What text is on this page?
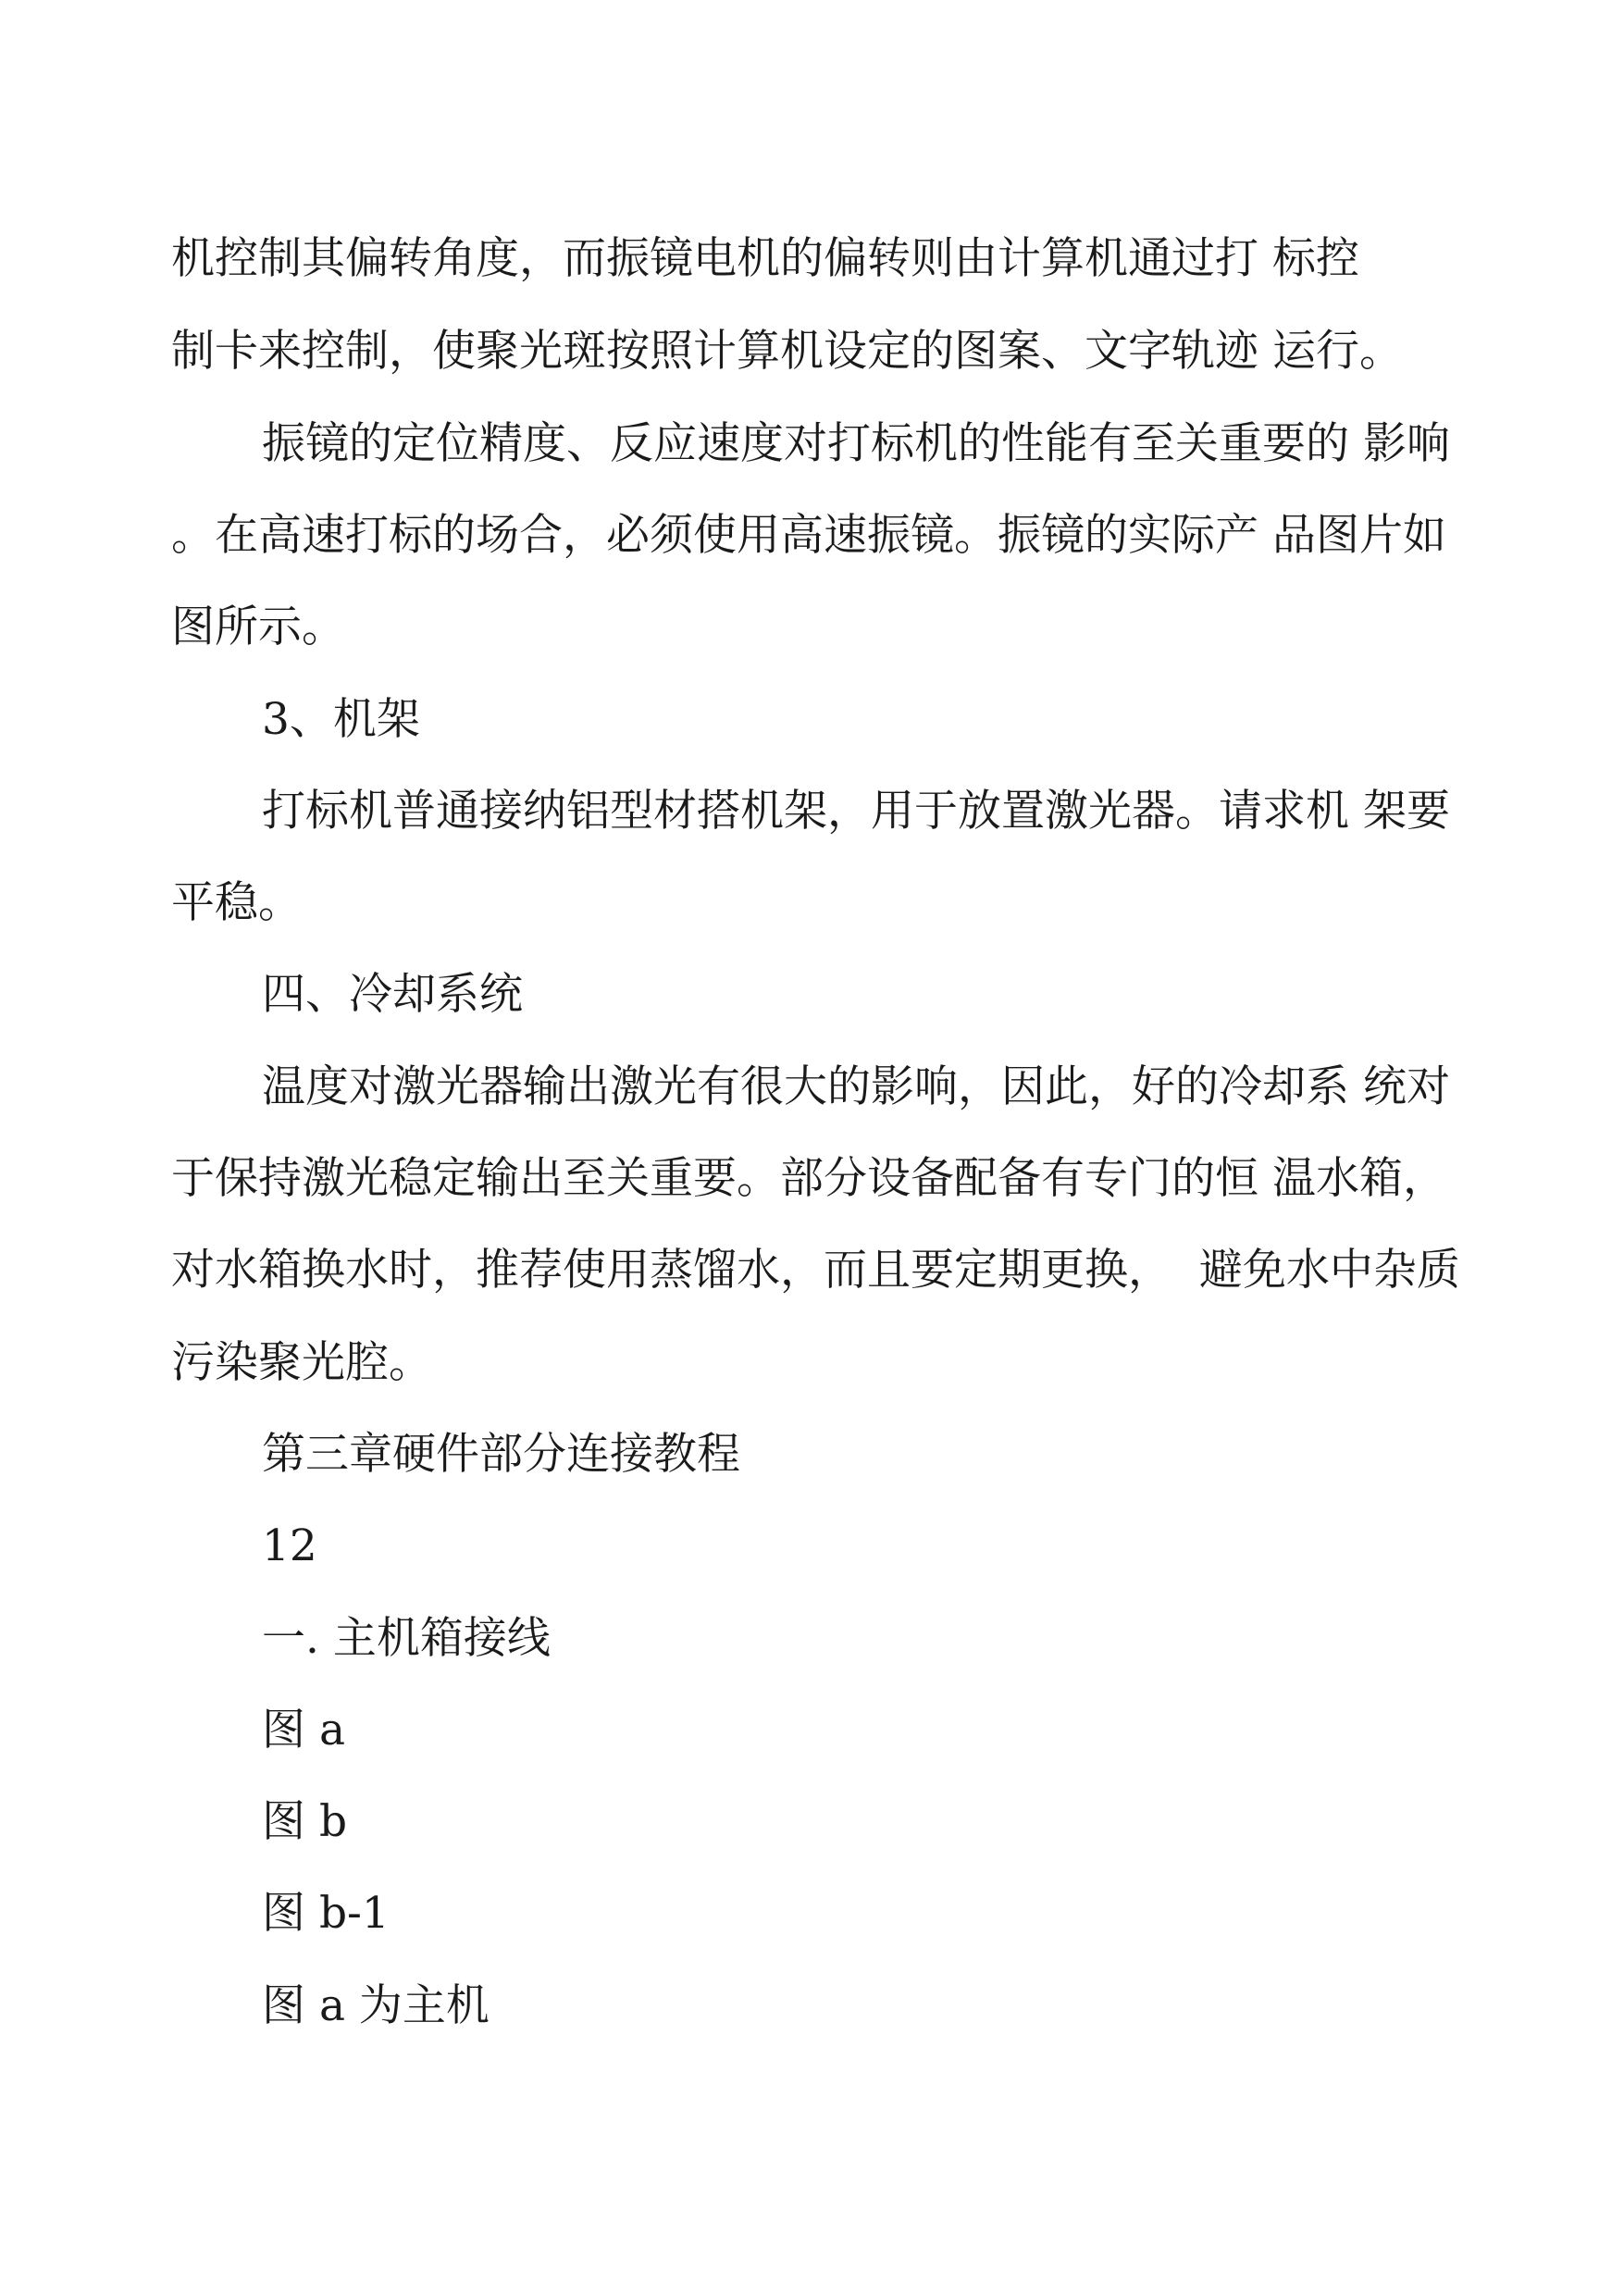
机控制其偏转角度，而振镜电机的偏转则由计算机通过打 标控
制卡来控制，使聚光斑按照计算机设定的图案、文字轨迹 运行。
振镜的定位精度、反应速度对打标机的性能有至关重要的 影响
。在高速打标的场合，必须使用高速振镜。振镜的实际产 品图片如
图所示。
3、机架
打标机普通接纳铝型材搭机架，用于放置激光器。请求机 架要
平稳。
四、冷却系统
温度对激光器输出激光有很大的影响，因此，好的冷却系 统对
于保持激光稳定输出至关重要。部分设备配备有专门的恒 温水箱，
对水箱换水时，推荐使用蒸馏水，而且要定期更换，  避免水中杂质
污染聚光腔。
第三章硬件部分连接教程
12
一. 主机箱接线
图 a
图 b
图 b-1
图 a 为主机
